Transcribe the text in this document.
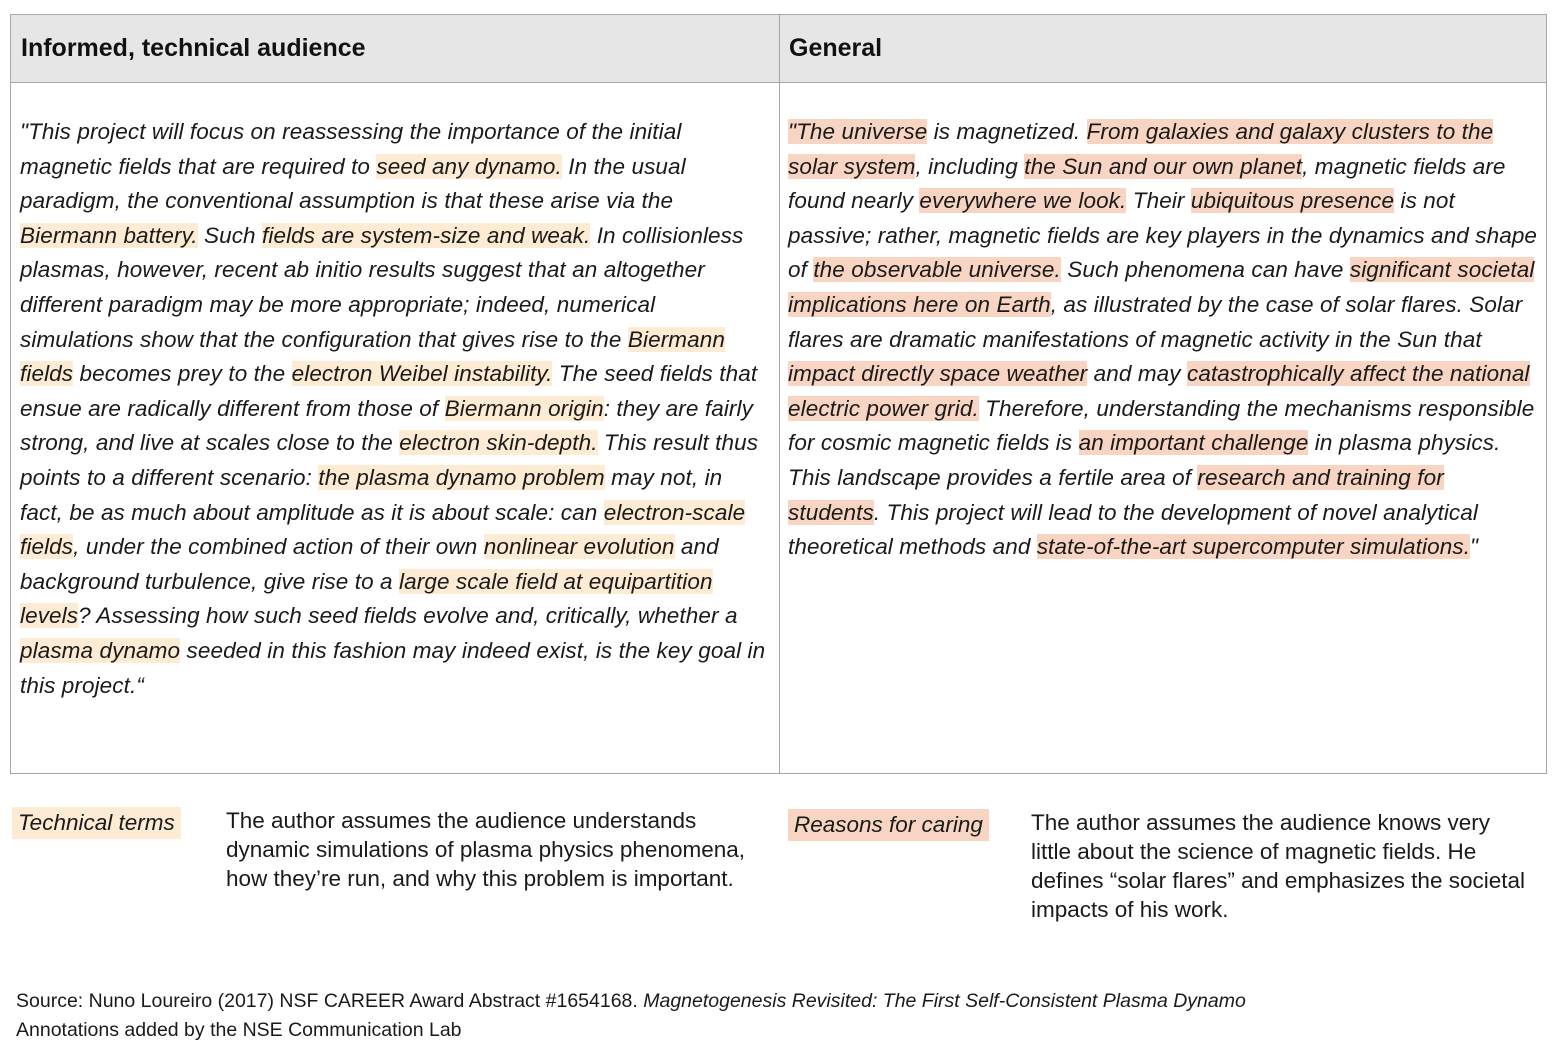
Informed, technical audience	General
"This project will focus on reassessing the importance of the initial magnetic fields that are required to seed any dynamo. In the usual paradigm, the conventional assumption is that these arise via the Biermann battery. Such fields are system-size and weak. In collisionless plasmas, however, recent ab initio results suggest that an altogether different paradigm may be more appropriate; indeed, numerical simulations show that the configuration that gives rise to the Biermann fields becomes prey to the electron Weibel instability. The seed fields that ensue are radically different from those of Biermann origin: they are fairly strong, and live at scales close to the electron skin-depth. This result thus points to a different scenario: the plasma dynamo problem may not, in fact, be as much about amplitude as it is about scale: can electron-scale fields, under the combined action of their own nonlinear evolution and background turbulence, give rise to a large scale field at equipartition levels? Assessing how such seed fields evolve and, critically, whether a plasma dynamo seeded in this fashion may indeed exist, is the key goal in this project.“
"The universe is magnetized. From galaxies and galaxy clusters to the solar system, including the Sun and our own planet, magnetic fields are found nearly everywhere we look. Their ubiquitous presence is not passive; rather, magnetic fields are key players in the dynamics and shape of the observable universe. Such phenomena can have significant societal implications here on Earth, as illustrated by the case of solar flares. Solar flares are dramatic manifestations of magnetic activity in the Sun that impact directly space weather and may catastrophically affect the national electric power grid. Therefore, understanding the mechanisms responsible for cosmic magnetic fields is an important challenge in plasma physics. This landscape provides a fertile area of research and training for students. This project will lead to the development of novel analytical theoretical methods and state-of-the-art supercomputer simulations."
Technical terms The author assumes the audience understands dynamic simulations of plasma physics phenomena, how they’re run, and why this problem is important.
Reasons for caring The author assumes the audience knows very little about the science of magnetic fields. He defines “solar flares” and emphasizes the societal impacts of his work.
Source: Nuno Loureiro (2017) NSF CAREER Award Abstract #1654168. Magnetogenesis Revisited: The First Self-Consistent Plasma Dynamo
Annotations added by the NSE Communication Lab
